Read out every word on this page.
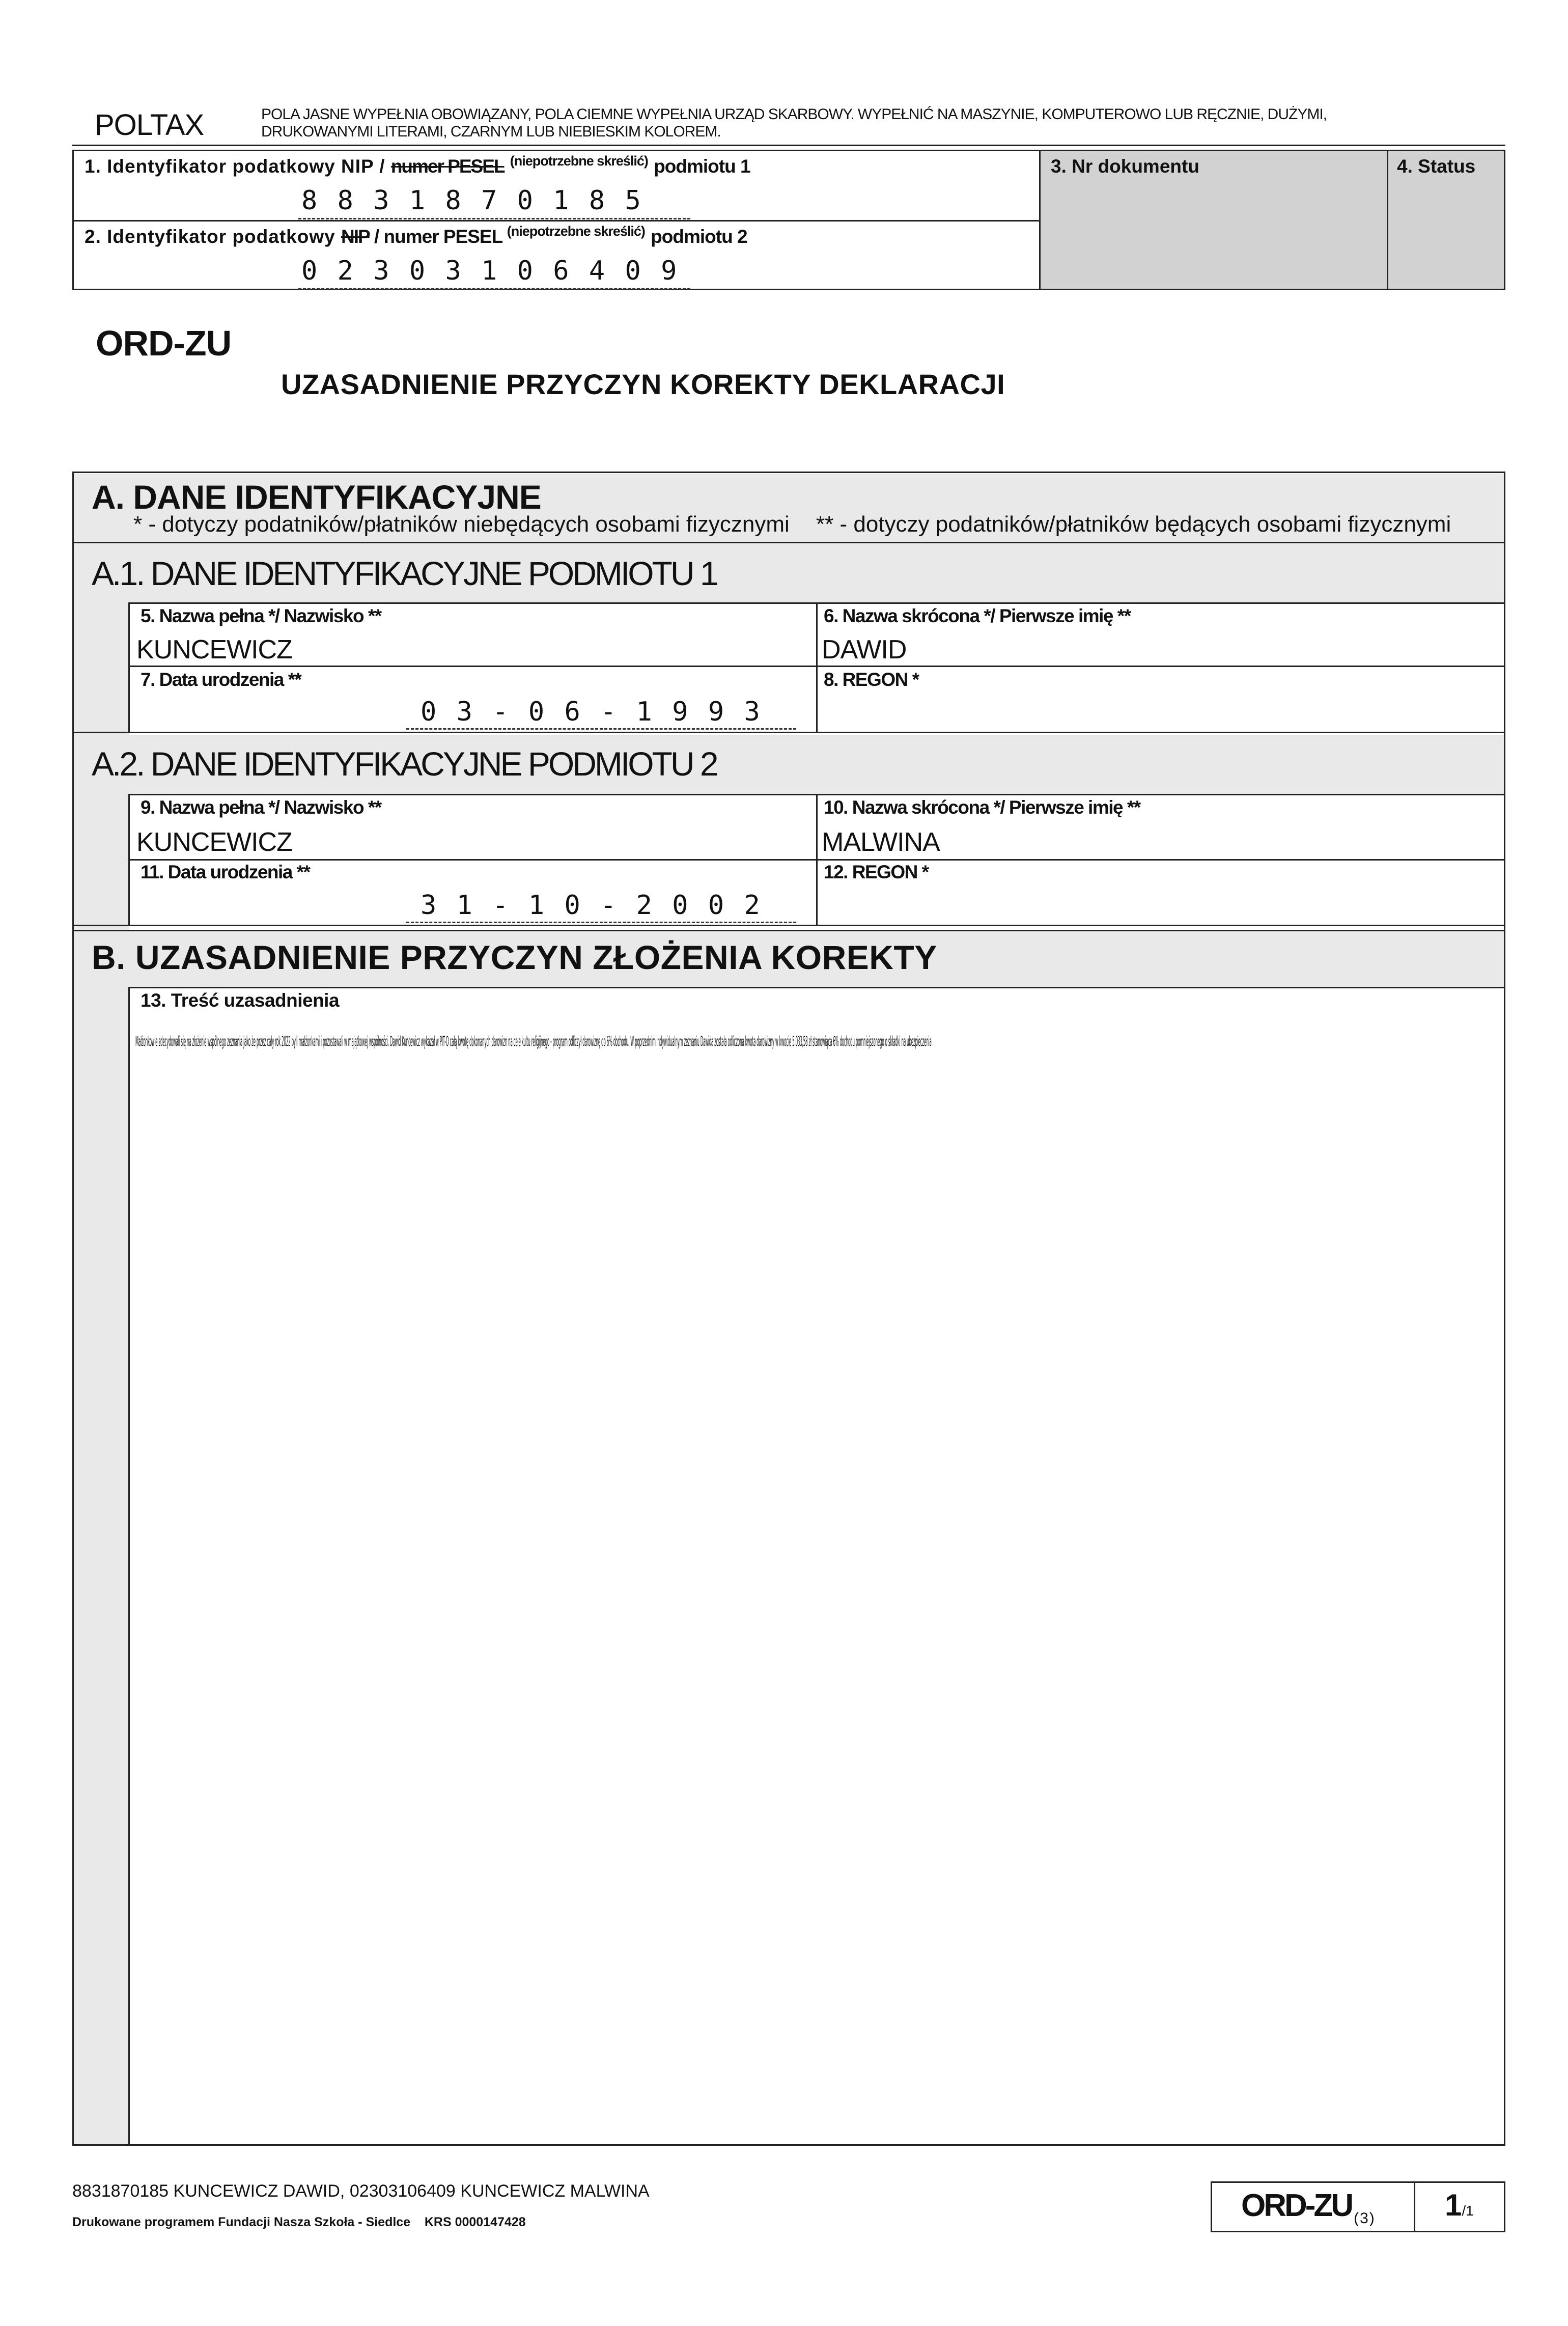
POLTAX	POLA JASNE WYPEŁNIA OBOWIĄZANY, POLA CIEMNE WYPEŁNIA URZĄD SKARBOWY. WYPEŁNIĆ NA MASZYNIE, KOMPUTEROWO LUB RĘCZNIE, DUŻYMI,
DRUKOWANYMI LITERAMI, CZARNYM LUB NIEBIESKIM KOLOREM.
1. Identyfikator podatkowy NIP / numer PESEL $^{(niepotrzebne skreślić)}$ podmiotu 1
8 8 3 1 8 7 0 1 8 5
2. Identyfikator podatkowy NIP / numer PESEL $^{(niepotrzebne skreślić)}$ podmiotu 2
0 2 3 0 3 1 0 6 4 0 9
3. Nr dokumentu	4. Status
ORD-ZU
UZASADNIENIE PRZYCZYN KOREKTY DEKLARACJI
A. DANE IDENTYFIKACYJNE
* - dotyczy podatników/płatników niebędących osobami fizycznymi ** - dotyczy podatników/płatników będących osobami fizycznymi
A.1. DANE IDENTYFIKACYJNE PODMIOTU 1
5. Nazwa pełna */ Nazwisko **
KUNCEWICZ
6. Nazwa skrócona */ Pierwsze imię **
DAWID
7. Data urodzenia **
0 3 - 0 6 - 1 9 9 3
8. REGON *
A.2. DANE IDENTYFIKACYJNE PODMIOTU 2
9. Nazwa pełna */ Nazwisko **
KUNCEWICZ
10. Nazwa skrócona */ Pierwsze imię **
MALWINA
11. Data urodzenia **
3 1 - 1 0 - 2 0 0 2
12. REGON *
B. UZASADNIENIE PRZYCZYN ZŁOŻENIA KOREKTY
13. Treść uzasadnienia
Małżonkowie zdecydowali się na złożenie wspólnego zeznania jako że przez cały rok 2022 byli małżonkami i pozostawali w majątkowej wspólności. Dawid Kuncewicz wykazał w PIT-O całą kwotę dokonanych darowizn na cele kultu religijnego - program odliczył darowiznę do 6% dochodu. W poprzednim indywidualnym zeznaniu Dawida została odliczona kwota darowizny w kwocie 5.033,58 zł stanowiąca 6% dochodu pomniejszonego o składki na ubezpieczenia
8831870185 KUNCEWICZ DAWID, 02303106409 KUNCEWICZ MALWINA
Drukowane programem Fundacji Nasza Szkoła - Siedlce    KRS 0000147428	ORD-ZU (3) 1/1
